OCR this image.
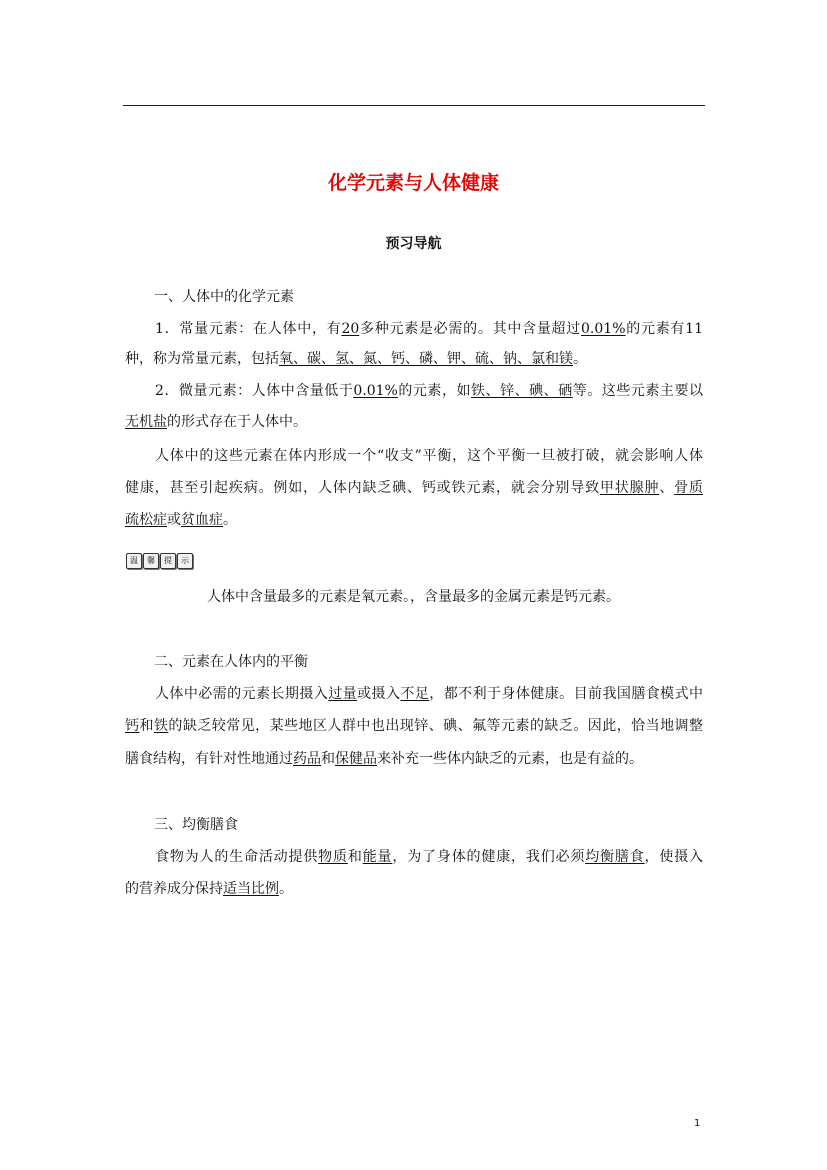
化学元素与人体健康
预习导航
一、人体中的化学元素
1．常量元素：在人体中，有20多种元素是必需的。其中含量超过0.01%的元素有11
种，称为常量元素，包括氧、碳、氢、氮、钙、磷、钾、硫、钠、氯和镁。
2．微量元素：人体中含量低于0.01%的元素，如铁、锌、碘、硒等。这些元素主要以
无机盐的形式存在于人体中。
人体中的这些元素在体内形成一个“收支”平衡，这个平衡一旦被打破，就会影响人体
健康，甚至引起疾病。例如，人体内缺乏碘、钙或铁元素，就会分别导致甲状腺肿、骨质
疏松症或贫血症。
温	馨	提	示
人体中含量最多的元素是氧元素。，含量最多的金属元素是钙元素。
二、元素在人体内的平衡
人体中必需的元素长期摄入过量或摄入不足，都不利于身体健康。目前我国膳食模式中
钙和铁的缺乏较常见，某些地区人群中也出现锌、碘、氟等元素的缺乏。因此，恰当地调整
膳食结构，有针对性地通过药品和保健品来补充一些体内缺乏的元素，也是有益的。
三、均衡膳食
食物为人的生命活动提供物质和能量，为了身体的健康，我们必须均衡膳食，使摄入
的营养成分保持适当比例。
1
